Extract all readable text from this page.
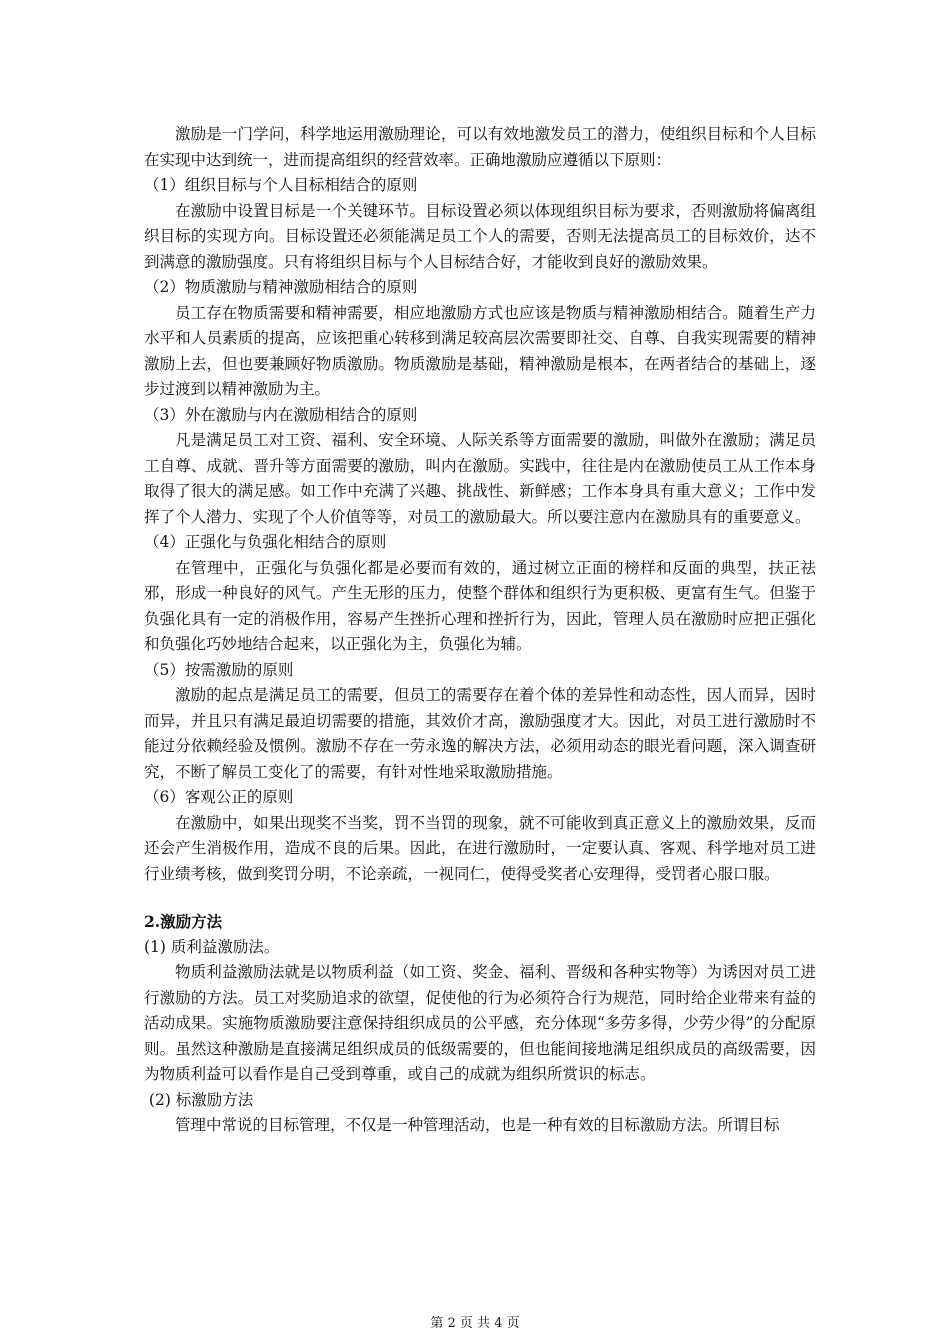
激励是一门学问，科学地运用激励理论，可以有效地激发员工的潜力，使组织目标和个人目标在实现中达到统一，进而提高组织的经营效率。正确地激励应遵循以下原则：

（1）组织目标与个人目标相结合的原则

在激励中设置目标是一个关键环节。目标设置必须以体现组织目标为要求，否则激励将偏离组织目标的实现方向。目标设置还必须能满足员工个人的需要，否则无法提高员工的目标效价，达不到满意的激励强度。只有将组织目标与个人目标结合好，才能收到良好的激励效果。

（2）物质激励与精神激励相结合的原则

员工存在物质需要和精神需要，相应地激励方式也应该是物质与精神激励相结合。随着生产力水平和人员素质的提高，应该把重心转移到满足较高层次需要即社交、自尊、自我实现需要的精神激励上去，但也要兼顾好物质激励。物质激励是基础，精神激励是根本，在两者结合的基础上，逐步过渡到以精神激励为主。

（3）外在激励与内在激励相结合的原则

凡是满足员工对工资、福利、安全环境、人际关系等方面需要的激励，叫做外在激励；满足员工自尊、成就、晋升等方面需要的激励，叫内在激励。实践中，往往是内在激励使员工从工作本身取得了很大的满足感。如工作中充满了兴趣、挑战性、新鲜感；工作本身具有重大意义；工作中发挥了个人潜力、实现了个人价值等等，对员工的激励最大。所以要注意内在激励具有的重要意义。

（4）正强化与负强化相结合的原则

在管理中，正强化与负强化都是必要而有效的，通过树立正面的榜样和反面的典型，扶正祛邪，形成一种良好的风气。产生无形的压力，使整个群体和组织行为更积极、更富有生气。但鉴于负强化具有一定的消极作用，容易产生挫折心理和挫折行为，因此，管理人员在激励时应把正强化和负强化巧妙地结合起来，以正强化为主，负强化为辅。

（5）按需激励的原则

激励的起点是满足员工的需要，但员工的需要存在着个体的差异性和动态性，因人而异，因时而异，并且只有满足最迫切需要的措施，其效价才高，激励强度才大。因此，对员工进行激励时不能过分依赖经验及惯例。激励不存在一劳永逸的解决方法，必须用动态的眼光看问题，深入调查研究，不断了解员工变化了的需要，有针对性地采取激励措施。

（6）客观公正的原则

在激励中，如果出现奖不当奖，罚不当罚的现象，就不可能收到真正意义上的激励效果，反而还会产生消极作用，造成不良的后果。因此，在进行激励时，一定要认真、客观、科学地对员工进行业绩考核，做到奖罚分明，不论亲疏，一视同仁，使得受奖者心安理得，受罚者心服口服。

2.激励方法

(1) 质利益激励法。

物质利益激励法就是以物质利益（如工资、奖金、福利、晋级和各种实物等）为诱因对员工进行激励的方法。员工对奖励追求的欲望，促使他的行为必须符合行为规范，同时给企业带来有益的活动成果。实施物质激励要注意保持组织成员的公平感，充分体现“多劳多得，少劳少得”的分配原则。虽然这种激励是直接满足组织成员的低级需要的，但也能间接地满足组织成员的高级需要，因为物质利益可以看作是自己受到尊重，或自己的成就为组织所赏识的标志。

(2) 标激励方法

管理中常说的目标管理，不仅是一种管理活动，也是一种有效的目标激励方法。所谓目标

第 2 页 共 4 页
